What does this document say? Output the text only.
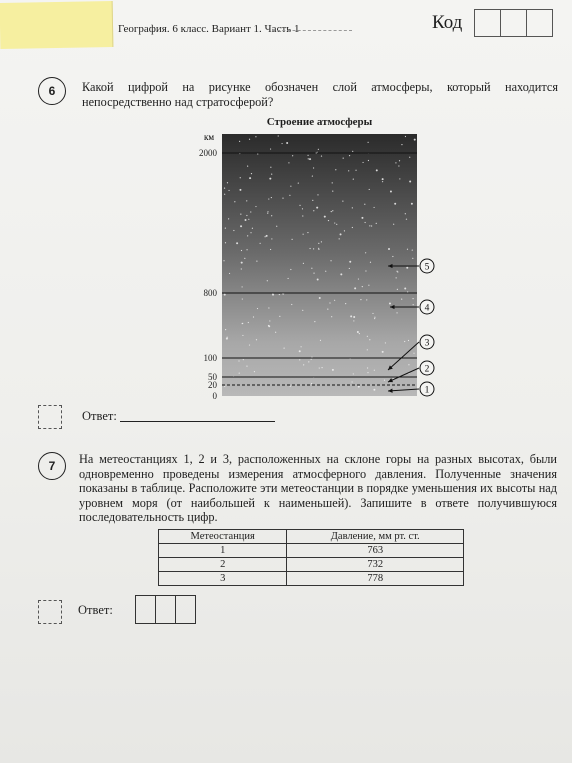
География. 6 класс. Вариант 1. Часть 1	Код
6	Какой цифрой на рисунке обозначен слой атмосферы, который находится непосредственно над стратосферой?
Строение атмосферы
км
2000
800
100
50
20
0
5
4
3
2
1
Ответ:
7	На метеостанциях 1, 2 и 3, расположенных на склоне горы на разных высотах, были одновременно проведены измерения атмосферного давления. Полученные значения показаны в таблице. Расположите эти метеостанции в порядке уменьшения их высоты над уровнем моря (от наибольшей к наименьшей). Запишите в ответе получившуюся последовательность цифр.
Метеостанция	Давление, мм рт. ст.
1	763
2	732
3	778
Ответ:
